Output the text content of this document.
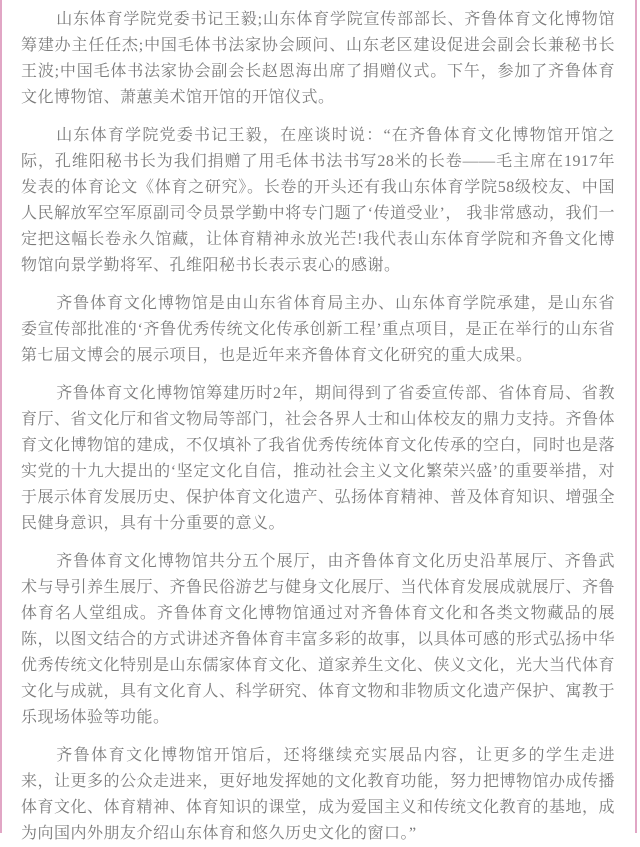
山东体育学院党委书记王毅;山东体育学院宣传部部长、齐鲁体育文化博物馆筹建办主任任杰;中国毛体书法家协会顾问、山东老区建设促进会副会长兼秘书长王波;中国毛体书法家协会副会长赵恩海出席了捐赠仪式。下午，参加了齐鲁体育文化博物馆、萧蕙美术馆开馆的开馆仪式。

山东体育学院党委书记王毅，在座谈时说：“在齐鲁体育文化博物馆开馆之际，孔维阳秘书长为我们捐赠了用毛体书法书写28米的长卷——毛主席在1917年发表的体育论文《体育之研究》。长卷的开头还有我山东体育学院58级校友、中国人民解放军空军原副司令员景学勤中将专门题了‘传道受业’， 我非常感动，我们一定把这幅长卷永久馆藏，让体育精神永放光芒!我代表山东体育学院和齐鲁文化博物馆向景学勤将军、孔维阳秘书长表示衷心的感谢。

齐鲁体育文化博物馆是由山东省体育局主办、山东体育学院承建，是山东省委宣传部批准的‘齐鲁优秀传统文化传承创新工程’重点项目，是正在举行的山东省第七届文博会的展示项目，也是近年来齐鲁体育文化研究的重大成果。

齐鲁体育文化博物馆筹建历时2年，期间得到了省委宣传部、省体育局、省教育厅、省文化厅和省文物局等部门，社会各界人士和山体校友的鼎力支持。齐鲁体育文化博物馆的建成，不仅填补了我省优秀传统体育文化传承的空白，同时也是落实党的十九大提出的‘坚定文化自信，推动社会主义文化繁荣兴盛’的重要举措，对于展示体育发展历史、保护体育文化遗产、弘扬体育精神、普及体育知识、增强全民健身意识，具有十分重要的意义。

齐鲁体育文化博物馆共分五个展厅，由齐鲁体育文化历史沿革展厅、齐鲁武术与导引养生展厅、齐鲁民俗游艺与健身文化展厅、当代体育发展成就展厅、齐鲁体育名人堂组成。齐鲁体育文化博物馆通过对齐鲁体育文化和各类文物藏品的展陈，以图文结合的方式讲述齐鲁体育丰富多彩的故事，以具体可感的形式弘扬中华优秀传统文化特别是山东儒家体育文化、道家养生文化、侠义文化，光大当代体育文化与成就，具有文化育人、科学研究、体育文物和非物质文化遗产保护、寓教于乐现场体验等功能。

齐鲁体育文化博物馆开馆后，还将继续充实展品内容，让更多的学生走进来，让更多的公众走进来，更好地发挥她的文化教育功能，努力把博物馆办成传播体育文化、体育精神、体育知识的课堂，成为爱国主义和传统文化教育的基地，成为向国内外朋友介绍山东体育和悠久历史文化的窗口。”
